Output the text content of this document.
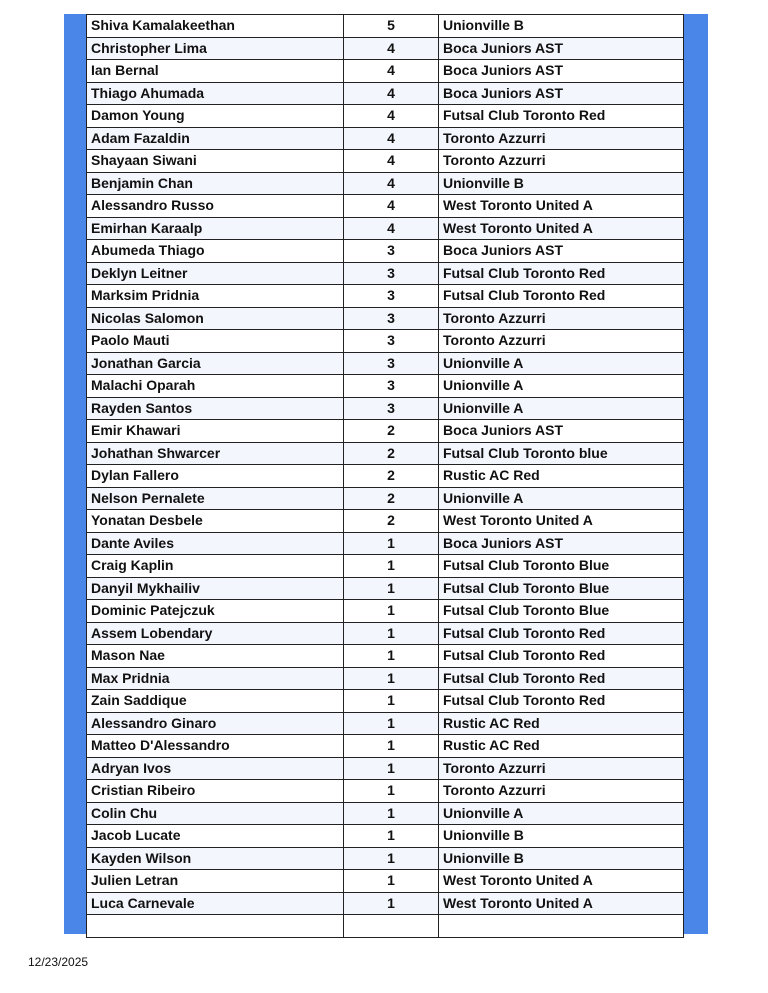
Shiva Kamalakeethan	5	Unionville B
Christopher Lima	4	Boca Juniors AST
Ian Bernal	4	Boca Juniors AST
Thiago Ahumada	4	Boca Juniors AST
Damon Young	4	Futsal Club Toronto Red
Adam Fazaldin	4	Toronto Azzurri
Shayaan Siwani	4	Toronto Azzurri
Benjamin Chan	4	Unionville B
Alessandro Russo	4	West Toronto United A
Emirhan Karaalp	4	West Toronto United A
Abumeda Thiago	3	Boca Juniors AST
Deklyn Leitner	3	Futsal Club Toronto Red
Marksim Pridnia	3	Futsal Club Toronto Red
Nicolas Salomon	3	Toronto Azzurri
Paolo Mauti	3	Toronto Azzurri
Jonathan Garcia	3	Unionville A
Malachi Oparah	3	Unionville A
Rayden Santos	3	Unionville A
Emir Khawari	2	Boca Juniors AST
Johathan Shwarcer	2	Futsal Club Toronto blue
Dylan Fallero	2	Rustic AC Red
Nelson Pernalete	2	Unionville A
Yonatan Desbele	2	West Toronto United A
Dante Aviles	1	Boca Juniors AST
Craig Kaplin	1	Futsal Club Toronto Blue
Danyil Mykhailiv	1	Futsal Club Toronto Blue
Dominic Patejczuk	1	Futsal Club Toronto Blue
Assem Lobendary	1	Futsal Club Toronto Red
Mason Nae	1	Futsal Club Toronto Red
Max Pridnia	1	Futsal Club Toronto Red
Zain Saddique	1	Futsal Club Toronto Red
Alessandro Ginaro	1	Rustic AC Red
Matteo D'Alessandro	1	Rustic AC Red
Adryan Ivos	1	Toronto Azzurri
Cristian Ribeiro	1	Toronto Azzurri
Colin Chu	1	Unionville A
Jacob Lucate	1	Unionville B
Kayden Wilson	1	Unionville B
Julien Letran	1	West Toronto United A
Luca Carnevale	1	West Toronto United A

12/23/2025
